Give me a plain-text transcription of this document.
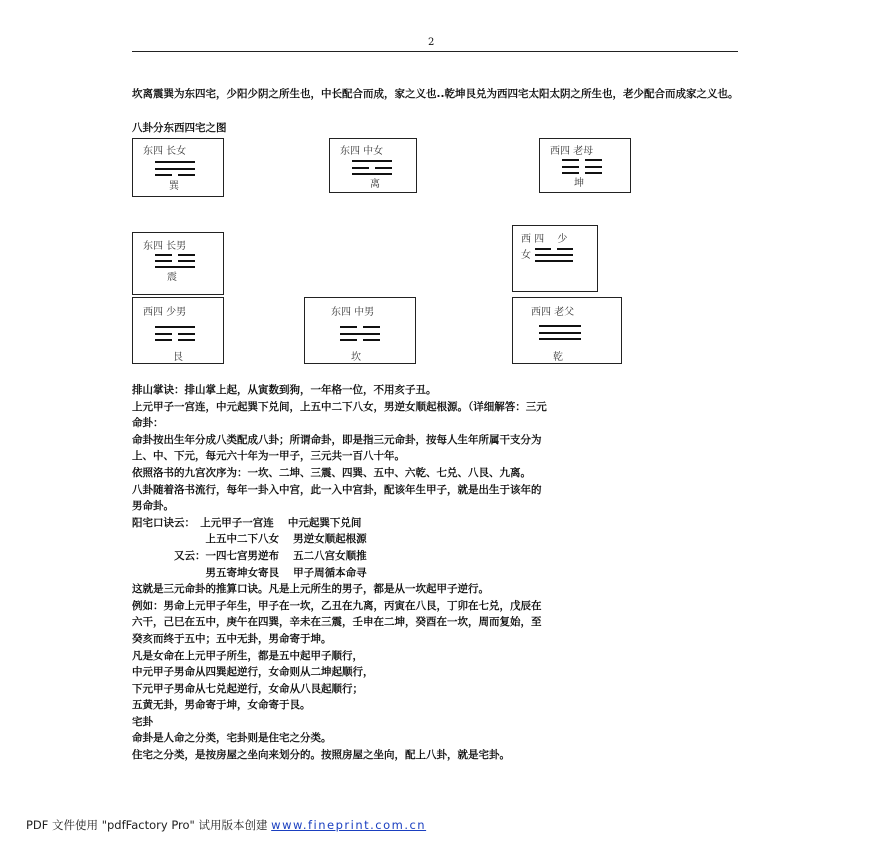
2
坎离震巽为东四宅，少阳少阴之所生也，中长配合而成，家之义也..乾坤艮兑为西四宅太阳太阴之所生也，老少配合而成家之义也。
八卦分东西四宅之图
东四 长女
巽
东四 中女
离
西四 老母
坤
东四 长男
震
西 四　 少
女
西四 少男
艮
东四 中男
坎
西四 老父
乾
排山掌诀：排山掌上起，从寅数到狗，一年格一位，不用亥子丑。
上元甲子一宫连，中元起巽下兑间，上五中二下八女，男逆女顺起根源。（详细解答：三元
命卦：
命卦按出生年分成八类配成八卦；所谓命卦，即是指三元命卦，按每人生年所属干支分为
上、中、下元，每元六十年为一甲子，三元共一百八十年。
依照洛书的九宫次序为：一坎、二坤、三震、四巽、五中、六乾、七兑、八艮、九离。
八卦随着洛书流行，每年一卦入中宫，此一入中宫卦，配该年生甲子，就是出生于该年的
男命卦。
阳宅口诀云：　上元甲子一宫连　 中元起巽下兑间
　　　　　　　上五中二下八女　 男逆女顺起根源
　　　　又云：一四七宫男逆布　 五二八宫女顺推
　　　　　　　男五寄坤女寄艮　 甲子周循本命寻
这就是三元命卦的推算口诀。凡是上元所生的男子，都是从一坎起甲子逆行。
例如：男命上元甲子年生，甲子在一坎，乙丑在九离，丙寅在八艮，丁卯在七兑，戊辰在
六干，己巳在五中，庚午在四巽，辛未在三震，壬申在二坤，癸酉在一坎，周而复始，至
癸亥而终于五中；五中无卦，男命寄于坤。
凡是女命在上元甲子所生，都是五中起甲子顺行，
中元甲子男命从四巽起逆行，女命则从二坤起顺行，
下元甲子男命从七兑起逆行，女命从八艮起顺行；
五黄无卦，男命寄于坤，女命寄于艮。
宅卦
命卦是人命之分类，宅卦则是住宅之分类。
住宅之分类，是按房屋之坐向来划分的。按照房屋之坐向，配上八卦，就是宅卦。
PDF 文件使用 "pdfFactory Pro" 试用版本创建 www.fineprint.com.cn
